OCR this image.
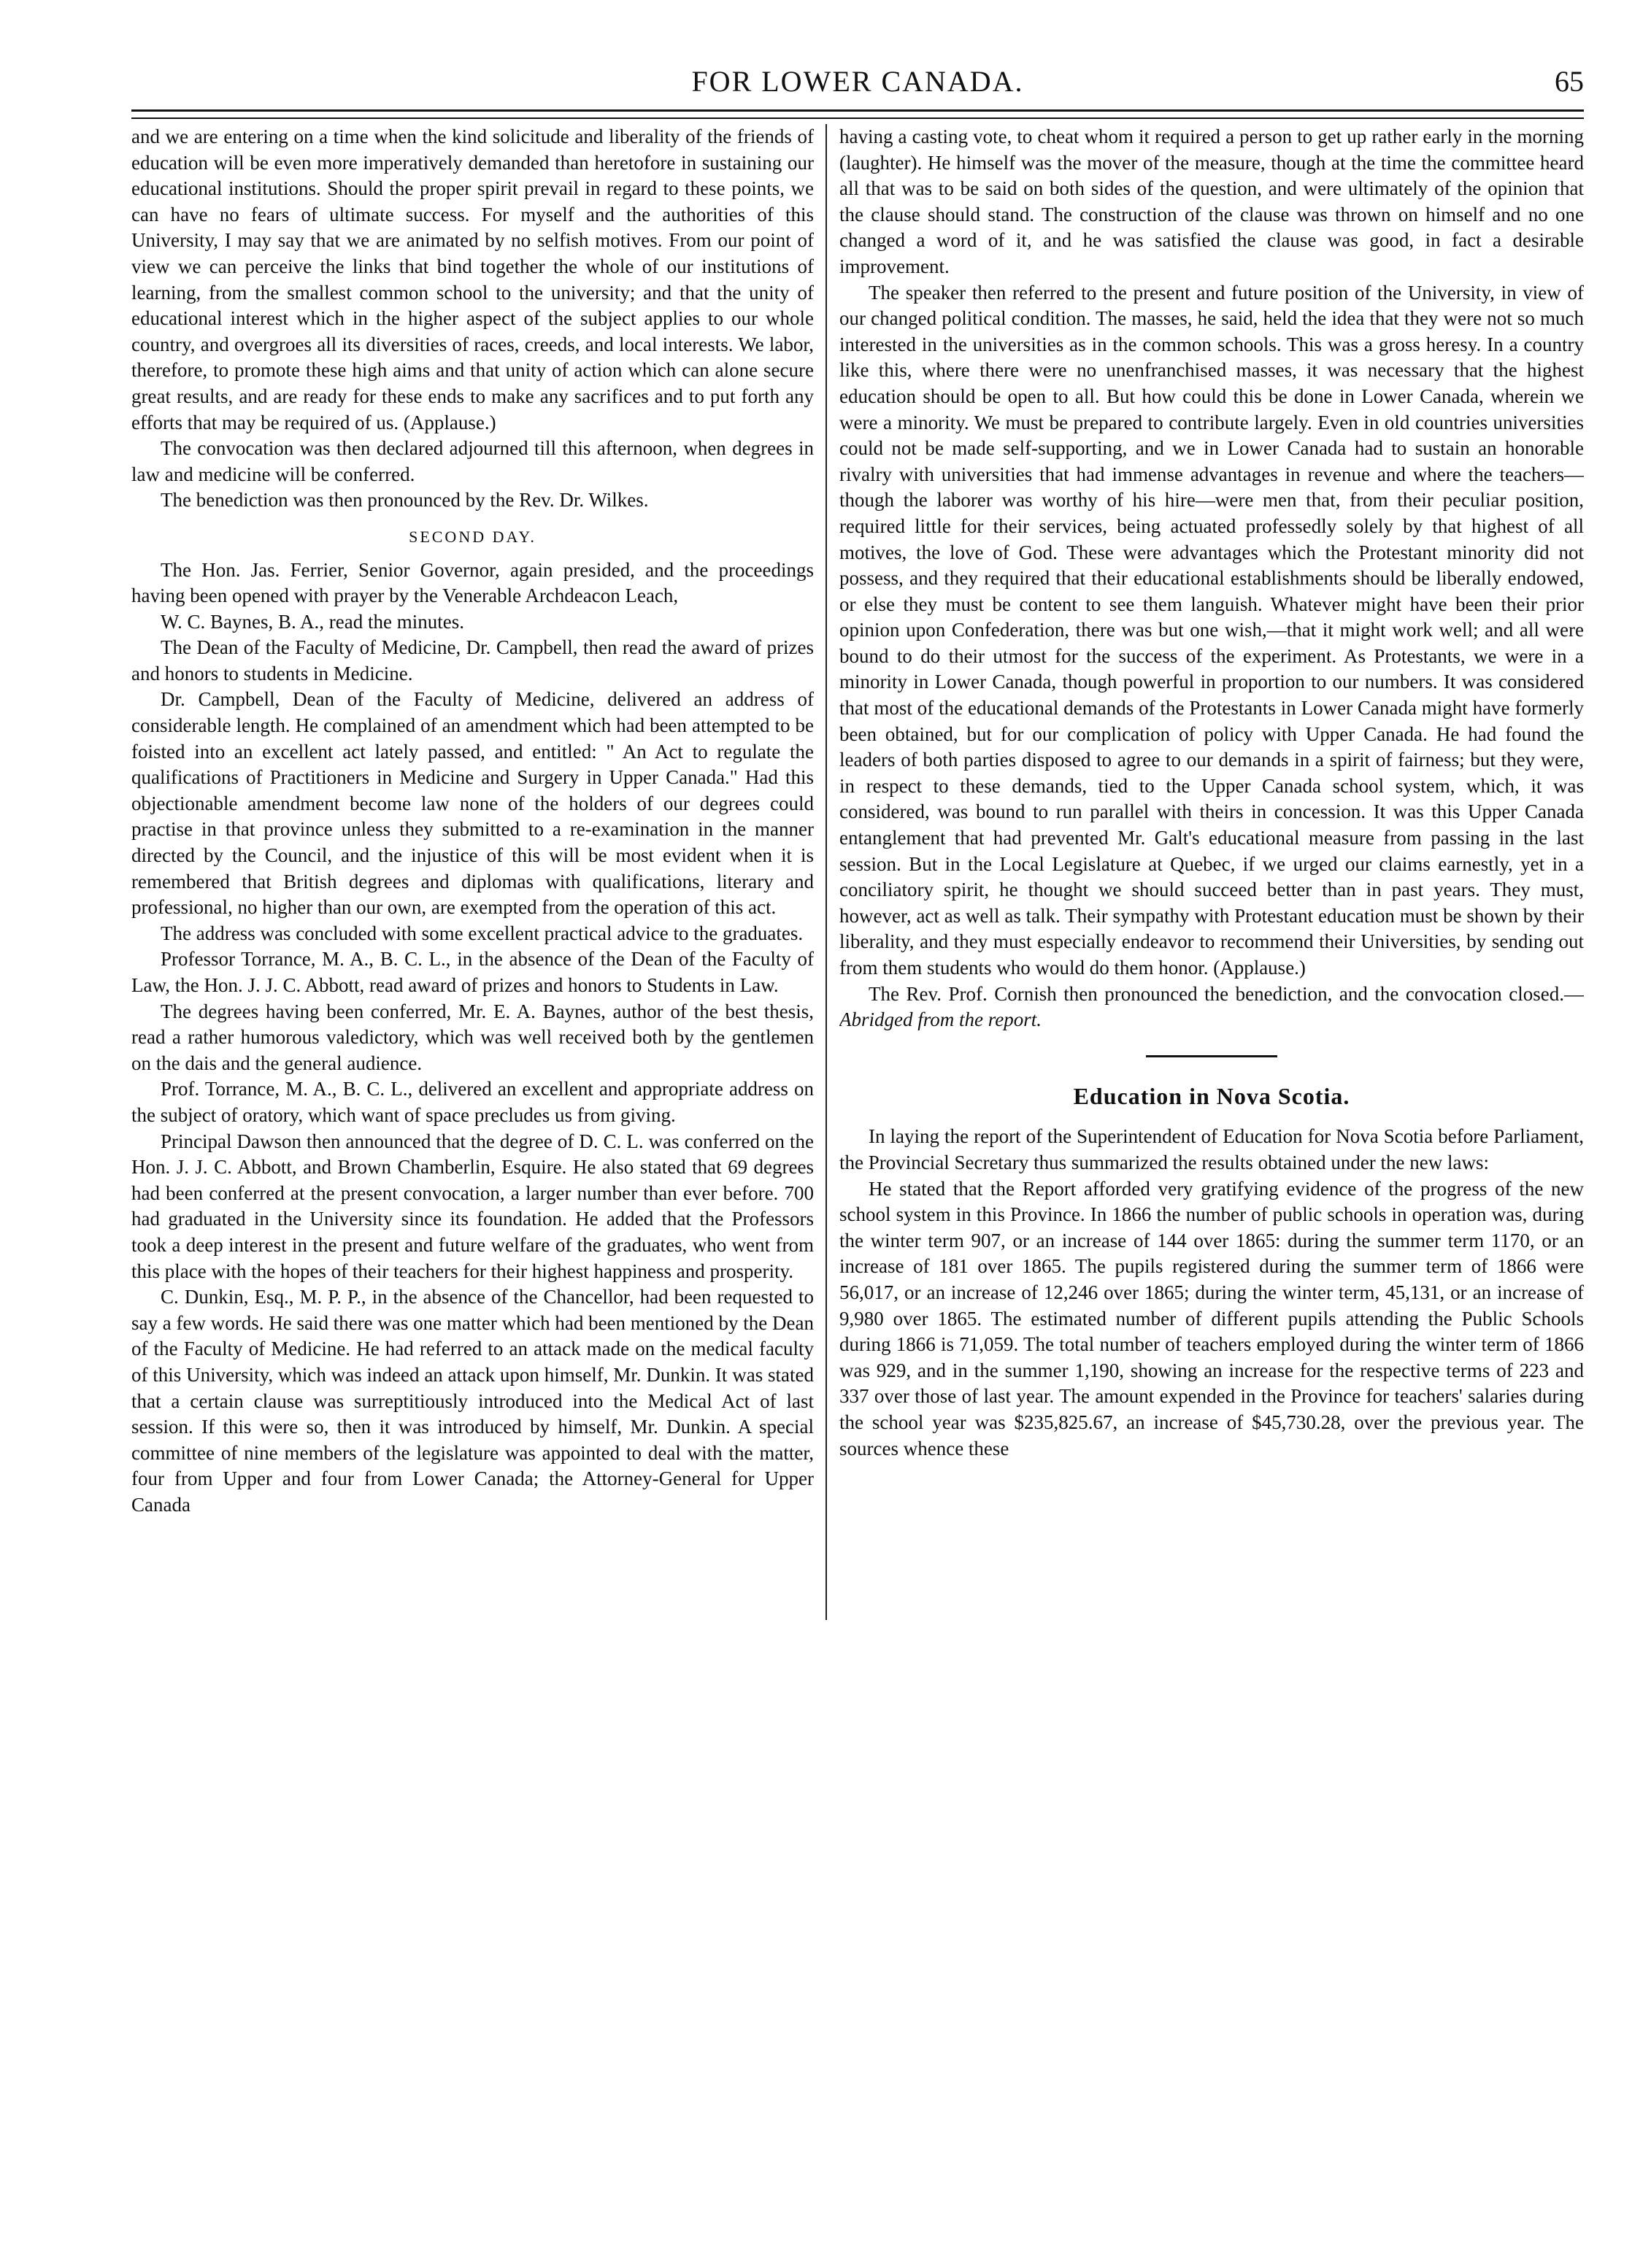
FOR LOWER CANADA.	65

and we are entering on a time when the kind solicitude and liberality of the friends of education will be even more imperatively demanded than heretofore in sustaining our educational institutions. Should the proper spirit prevail in regard to these points, we can have no fears of ultimate success. For myself and the authorities of this University, I may say that we are animated by no selfish motives. From our point of view we can perceive the links that bind together the whole of our institutions of learning, from the smallest common school to the university; and that the unity of educational interest which in the higher aspect of the subject applies to our whole country, and overgroes all its diversities of races, creeds, and local interests. We labor, therefore, to promote these high aims and that unity of action which can alone secure great results, and are ready for these ends to make any sacrifices and to put forth any efforts that may be required of us. (Applause.)

The convocation was then declared adjourned till this afternoon, when degrees in law and medicine will be conferred.

The benediction was then pronounced by the Rev. Dr. Wilkes.

SECOND DAY.

The Hon. Jas. Ferrier, Senior Governor, again presided, and the proceedings having been opened with prayer by the Venerable Archdeacon Leach,

W. C. Baynes, B. A., read the minutes.

The Dean of the Faculty of Medicine, Dr. Campbell, then read the award of prizes and honors to students in Medicine.

Dr. Campbell, Dean of the Faculty of Medicine, delivered an address of considerable length. He complained of an amendment which had been attempted to be foisted into an excellent act lately passed, and entitled: " An Act to regulate the qualifications of Practitioners in Medicine and Surgery in Upper Canada." Had this objectionable amendment become law none of the holders of our degrees could practise in that province unless they submitted to a re-examination in the manner directed by the Council, and the injustice of this will be most evident when it is remembered that British degrees and diplomas with qualifications, literary and professional, no higher than our own, are exempted from the operation of this act.

The address was concluded with some excellent practical advice to the graduates.

Professor Torrance, M. A., B. C. L., in the absence of the Dean of the Faculty of Law, the Hon. J. J. C. Abbott, read award of prizes and honors to Students in Law.

The degrees having been conferred, Mr. E. A. Baynes, author of the best thesis, read a rather humorous valedictory, which was well received both by the gentlemen on the dais and the general audience.

Prof. Torrance, M. A., B. C. L., delivered an excellent and appropriate address on the subject of oratory, which want of space precludes us from giving.

Principal Dawson then announced that the degree of D. C. L. was conferred on the Hon. J. J. C. Abbott, and Brown Chamberlin, Esquire. He also stated that 69 degrees had been conferred at the present convocation, a larger number than ever before. 700 had graduated in the University since its foundation. He added that the Professors took a deep interest in the present and future welfare of the graduates, who went from this place with the hopes of their teachers for their highest happiness and prosperity.

C. Dunkin, Esq., M. P. P., in the absence of the Chancellor, had been requested to say a few words. He said there was one matter which had been mentioned by the Dean of the Faculty of Medicine. He had referred to an attack made on the medical faculty of this University, which was indeed an attack upon himself, Mr. Dunkin. It was stated that a certain clause was surreptitiously introduced into the Medical Act of last session. If this were so, then it was introduced by himself, Mr. Dunkin. A special committee of nine members of the legislature was appointed to deal with the matter, four from Upper and four from Lower Canada; the Attorney-General for Upper Canada

having a casting vote, to cheat whom it required a person to get up rather early in the morning (laughter). He himself was the mover of the measure, though at the time the committee heard all that was to be said on both sides of the question, and were ultimately of the opinion that the clause should stand. The construction of the clause was thrown on himself and no one changed a word of it, and he was satisfied the clause was good, in fact a desirable improvement.

The speaker then referred to the present and future position of the University, in view of our changed political condition. The masses, he said, held the idea that they were not so much interested in the universities as in the common schools. This was a gross heresy. In a country like this, where there were no unenfranchised masses, it was necessary that the highest education should be open to all. But how could this be done in Lower Canada, wherein we were a minority. We must be prepared to contribute largely. Even in old countries universities could not be made self-supporting, and we in Lower Canada had to sustain an honorable rivalry with universities that had immense advantages in revenue and where the teachers—though the laborer was worthy of his hire—were men that, from their peculiar position, required little for their services, being actuated professedly solely by that highest of all motives, the love of God. These were advantages which the Protestant minority did not possess, and they required that their educational establishments should be liberally endowed, or else they must be content to see them languish. Whatever might have been their prior opinion upon Confederation, there was but one wish,—that it might work well; and all were bound to do their utmost for the success of the experiment. As Protestants, we were in a minority in Lower Canada, though powerful in proportion to our numbers. It was considered that most of the educational demands of the Protestants in Lower Canada might have formerly been obtained, but for our complication of policy with Upper Canada. He had found the leaders of both parties disposed to agree to our demands in a spirit of fairness; but they were, in respect to these demands, tied to the Upper Canada school system, which, it was considered, was bound to run parallel with theirs in concession. It was this Upper Canada entanglement that had prevented Mr. Galt's educational measure from passing in the last session. But in the Local Legislature at Quebec, if we urged our claims earnestly, yet in a conciliatory spirit, he thought we should succeed better than in past years. They must, however, act as well as talk. Their sympathy with Protestant education must be shown by their liberality, and they must especially endeavor to recommend their Universities, by sending out from them students who would do them honor. (Applause.)

The Rev. Prof. Cornish then pronounced the benediction, and the convocation closed.—Abridged from the report.

Education in Nova Scotia.

In laying the report of the Superintendent of Education for Nova Scotia before Parliament, the Provincial Secretary thus summarized the results obtained under the new laws:

He stated that the Report afforded very gratifying evidence of the progress of the new school system in this Province. In 1866 the number of public schools in operation was, during the winter term 907, or an increase of 144 over 1865: during the summer term 1170, or an increase of 181 over 1865. The pupils registered during the summer term of 1866 were 56,017, or an increase of 12,246 over 1865; during the winter term, 45,131, or an increase of 9,980 over 1865. The estimated number of different pupils attending the Public Schools during 1866 is 71,059. The total number of teachers employed during the winter term of 1866 was 929, and in the summer 1,190, showing an increase for the respective terms of 223 and 337 over those of last year. The amount expended in the Province for teachers' salaries during the school year was $235,825.67, an increase of $45,730.28, over the previous year. The sources whence these
